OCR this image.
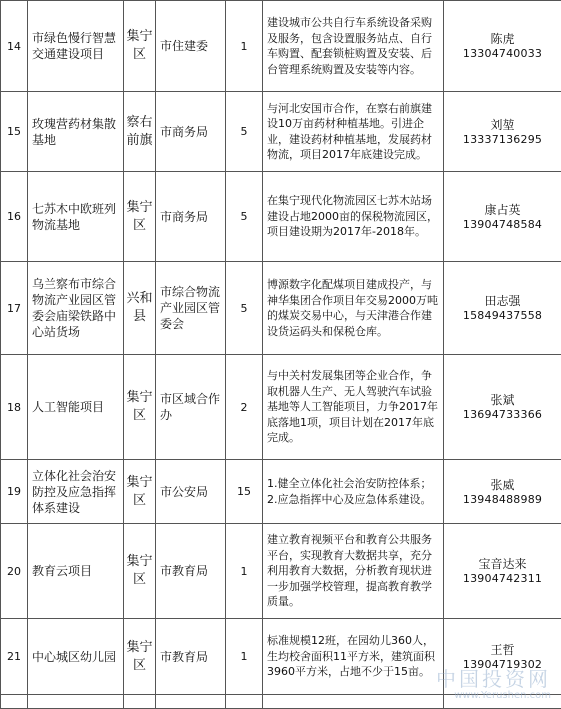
14	市绿色慢行智慧交通建设项目	集宁区	市住建委	1	建设城市公共自行车系统设备采购及服务，包含设置服务站点、自行车购置、配套锁桩购置及安装、后台管理系统购置及安装等内容。	陈虎
13304740033

15	玫瑰营药材集散基地	察右前旗	市商务局	5	与河北安国市合作，在察右前旗建设10万亩药材种植基地。引进企业，建设药材种植基地，发展药材物流，项目2017年底建设完成。	刘堃
13337136295

16	七苏木中欧班列物流基地	集宁区	市商务局	5	在集宁现代化物流园区七苏木站场建设占地2000亩的保税物流园区，项目建设期为2017年-2018年。	康占英
13904748584

17	乌兰察布市综合物流产业园区管委会庙梁铁路中心站货场	兴和县	市综合物流产业园区管委会	5	博源数字化配煤项目建成投产，与神华集团合作项目年交易2000万吨的煤炭交易中心，与天津港合作建设货运码头和保税仓库。	田志强
15849437558

18	人工智能项目	集宁区	市区域合作办	2	与中关村发展集团等企业合作，争取机器人生产、无人驾驶汽车试验基地等人工智能项目，力争2017年底落地1项，项目计划在2017年底完成。	张斌
13694733366

19	立体化社会治安防控及应急指挥体系建设	集宁区	市公安局	15	1.健全立体化社会治安防控体系；2.应急指挥中心及应急体系建设。	张威
13948488989

20	教育云项目	集宁区	市教育局	1	建立教育视频平台和教育公共服务平台，实现教育大数据共享，充分利用教育大数据，分析教育现状进一步加强学校管理，提高教育教学质量。	宝音达来
13904742311

21	中心城区幼儿园	集宁区	市教育局	1	标准规模12班，在园幼儿360人，生均校舍面积11平方米，建筑面积3960平方米，占地不少于15亩。	王哲
13904719302

中国投资网
www.Yerushen.com
